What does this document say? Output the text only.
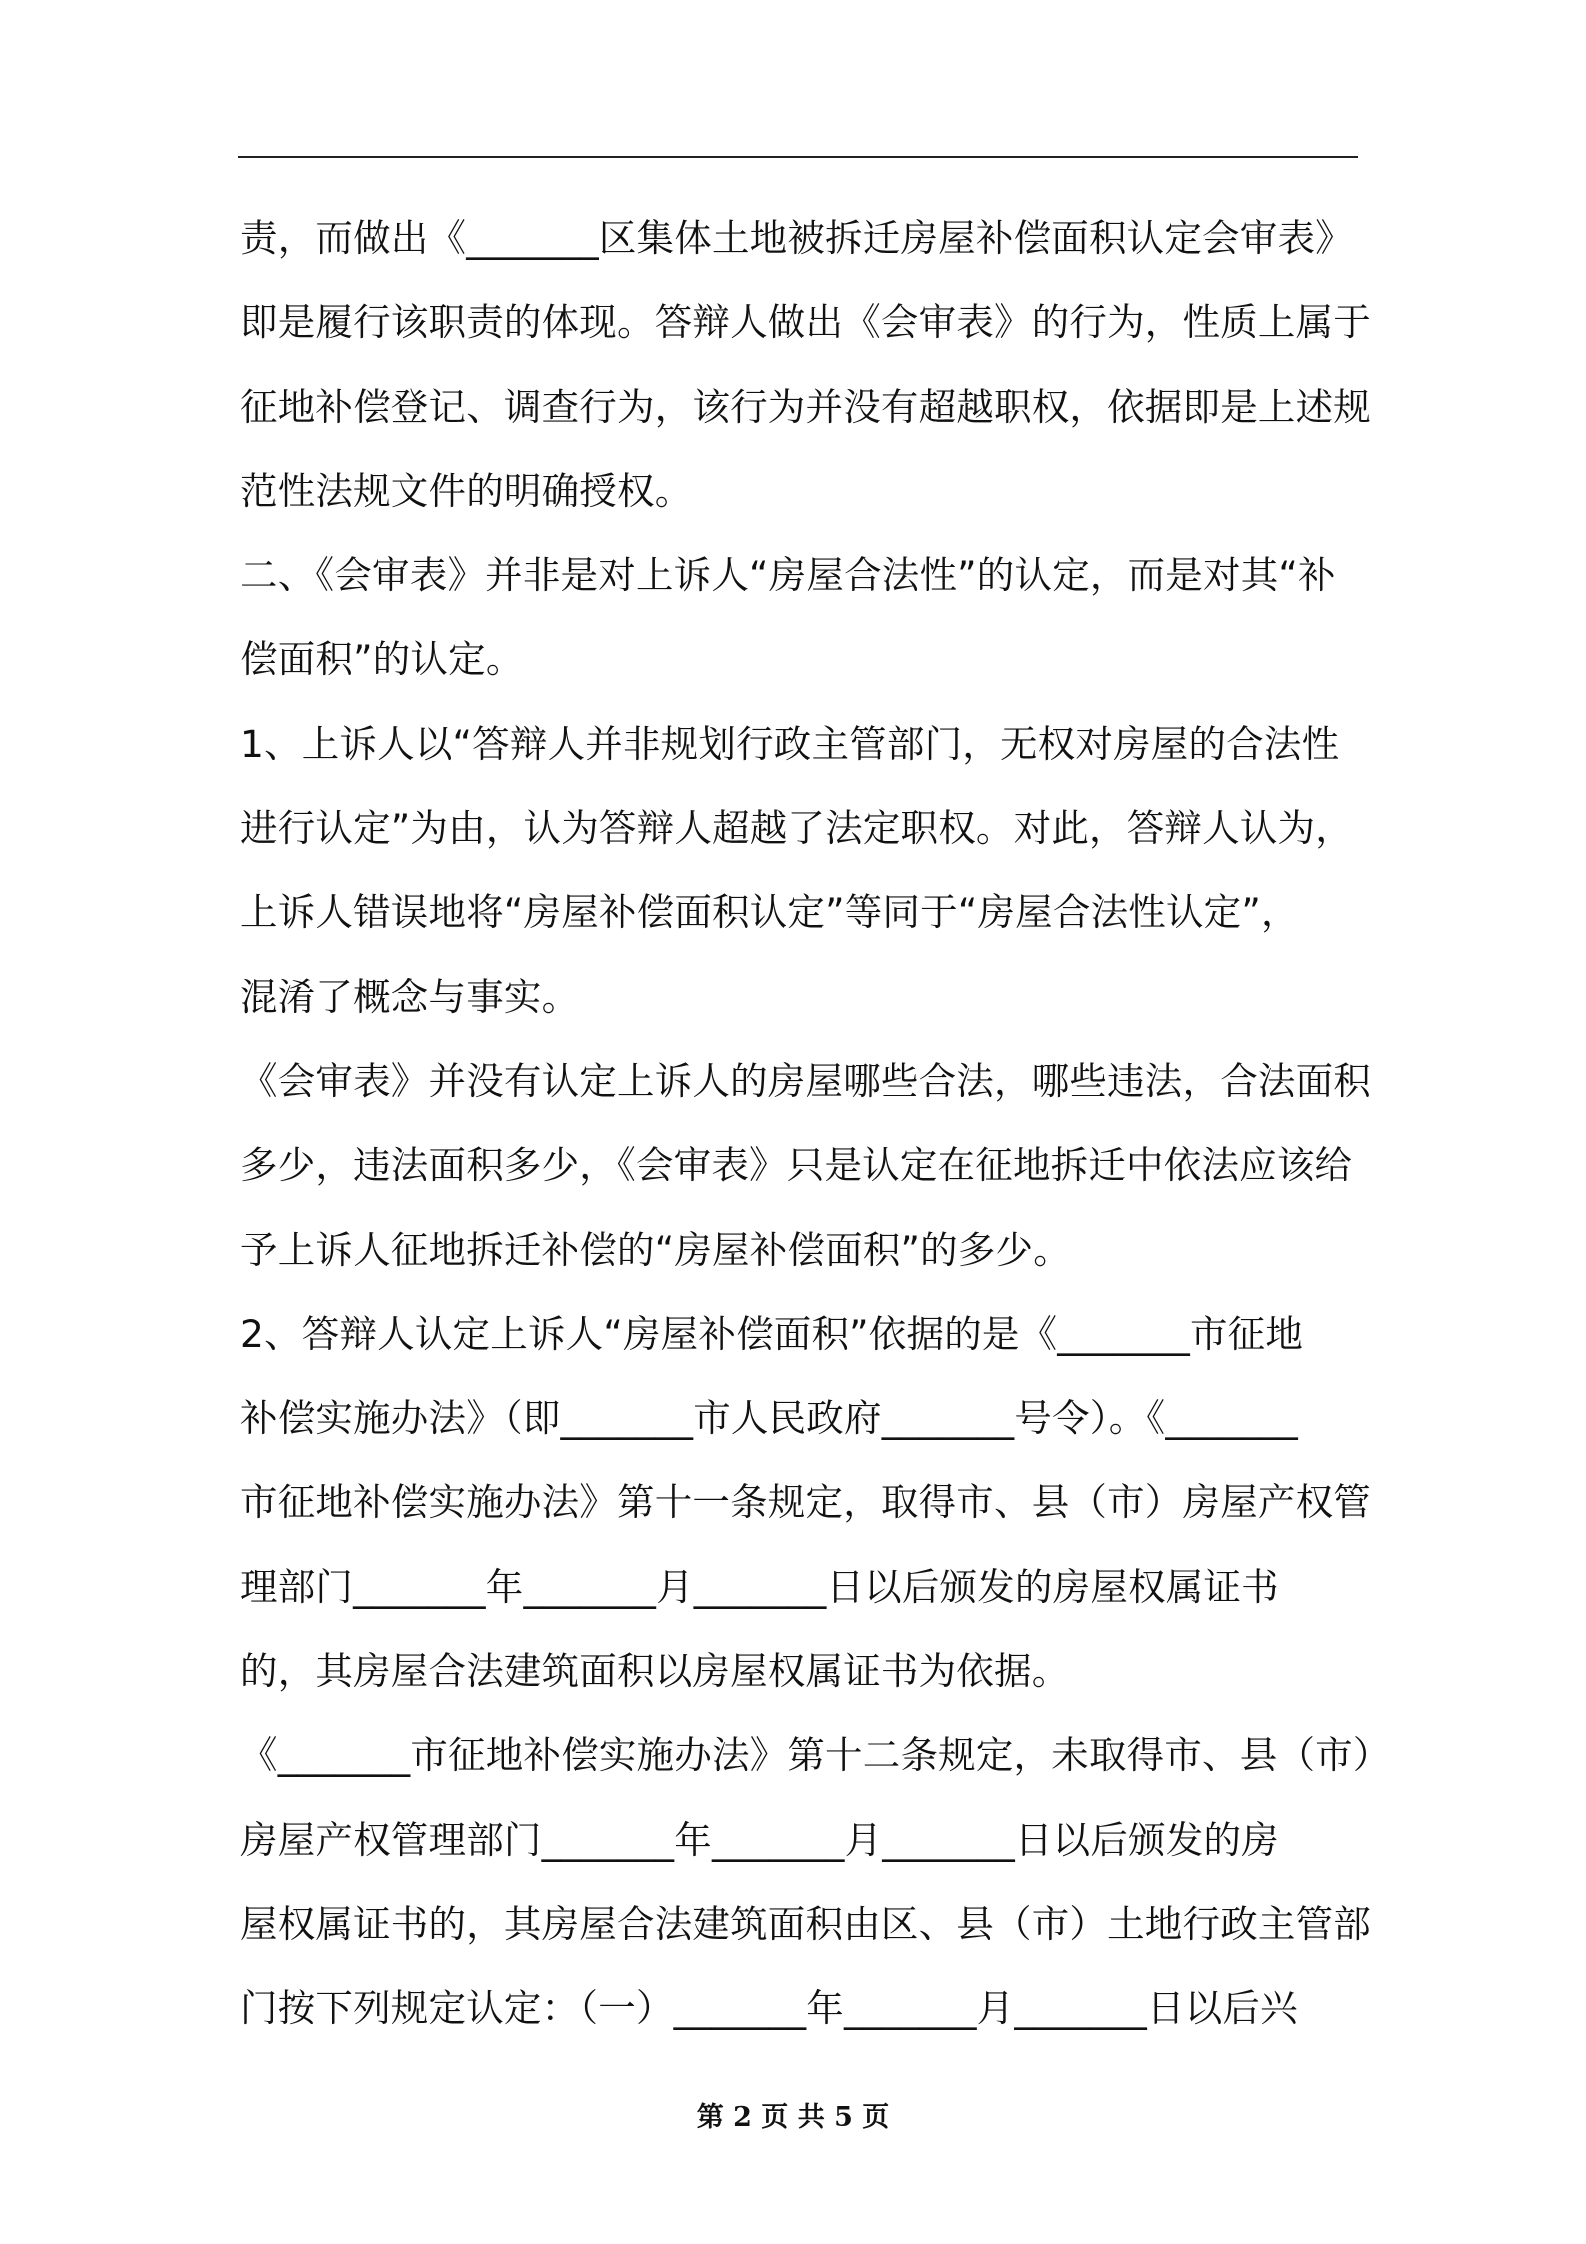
责，而做出《_______区集体土地被拆迁房屋补偿面积认定会审表》
即是履行该职责的体现。答辩人做出《会审表》的行为，性质上属于
征地补偿登记、调查行为，该行为并没有超越职权，依据即是上述规
范性法规文件的明确授权。
二、《会审表》并非是对上诉人“房屋合法性”的认定，而是对其“补
偿面积”的认定。
1、上诉人以“答辩人并非规划行政主管部门，无权对房屋的合法性
进行认定”为由，认为答辩人超越了法定职权。对此，答辩人认为，
上诉人错误地将“房屋补偿面积认定”等同于“房屋合法性认定”，
混淆了概念与事实。
《会审表》并没有认定上诉人的房屋哪些合法，哪些违法，合法面积
多少，违法面积多少，《会审表》只是认定在征地拆迁中依法应该给
予上诉人征地拆迁补偿的“房屋补偿面积”的多少。
2、答辩人认定上诉人“房屋补偿面积”依据的是《_______市征地
补偿实施办法》（即_______市人民政府_______号令）。《_______
市征地补偿实施办法》第十一条规定，取得市、县（市）房屋产权管
理部门_______年_______月_______日以后颁发的房屋权属证书
的，其房屋合法建筑面积以房屋权属证书为依据。
《_______市征地补偿实施办法》第十二条规定，未取得市、县（市）
房屋产权管理部门_______年_______月_______日以后颁发的房
屋权属证书的，其房屋合法建筑面积由区、县（市）土地行政主管部
门按下列规定认定：（一）_______年_______月_______日以后兴
第 2 页 共 5 页
